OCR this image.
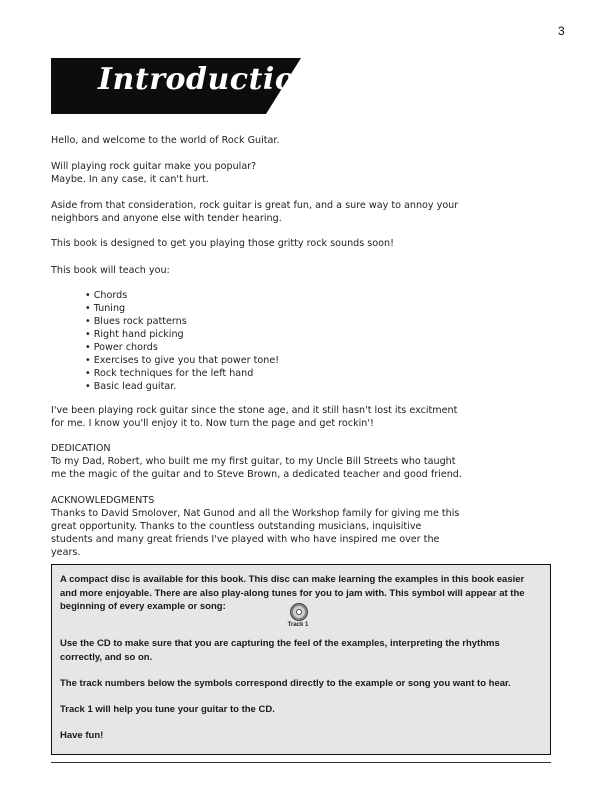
3
Introduction

Hello, and welcome to the world of Rock Guitar.

Will playing rock guitar make you popular?

Maybe. In any case, it can't hurt.

Aside from that consideration, rock guitar is great fun, and a sure way to annoy your neighbors and anyone else with tender hearing.

This book is designed to get you playing those gritty rock sounds soon!

This book will teach you:

• Chords
• Tuning
• Blues rock patterns
• Right hand picking
• Power chords
• Exercises to give you that power tone!
• Rock techniques for the left hand
• Basic lead guitar.

I've been playing rock guitar since the stone age, and it still hasn't lost its excitment for me. I know you'll enjoy it to. Now turn the page and get rockin'!

DEDICATION

To my Dad, Robert, who built me my first guitar, to my Uncle Bill Streets who taught me the magic of the guitar and to Steve Brown, a dedicated teacher and good friend.

ACKNOWLEDGMENTS

Thanks to David Smolover, Nat Gunod and all the Workshop family for giving me this great opportunity. Thanks to the countless outstanding musicians, inquisitive students and many great friends I've played with who have inspired me over the years.

A compact disc is available for this book. This disc can make learning the examples in this book easier and more enjoyable. There are also play-along tunes for you to jam with. This symbol will appear at the beginning of every example or song:

Track 1

Use the CD to make sure that you are capturing the feel of the examples, interpreting the rhythms correctly, and so on.

The track numbers below the symbols correspond directly to the example or song you want to hear.

Track 1 will help you tune your guitar to the CD.

Have fun!
